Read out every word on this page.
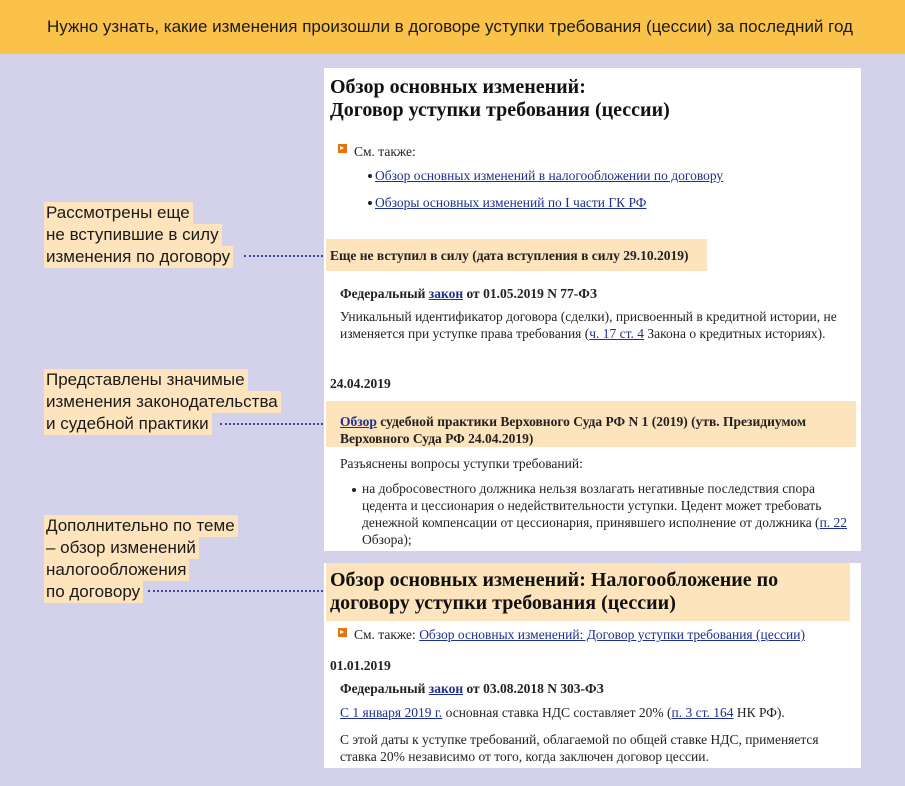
Нужно узнать, какие изменения произошли в договоре уступки требования (цессии) за последний год
Рассмотрены еще
не вступившие в силу
изменения по договору
Представлены значимые
изменения законодательства
и судебной практики
Дополнительно по теме
– обзор изменений
налогообложения
по договору
Обзор основных изменений:
Договор уступки требования (цессии)
См. также:
Обзор основных изменений в налогообложении по договору
Обзоры основных изменений по I части ГК РФ
Еще не вступил в силу (дата вступления в силу 29.10.2019)
Федеральный закон от 01.05.2019 N 77-ФЗ
Уникальный идентификатор договора (сделки), присвоенный в кредитной истории, не
изменяется при уступке права требования (ч. 17 ст. 4 Закона о кредитных историях).
24.04.2019
Обзор судебной практики Верховного Суда РФ N 1 (2019) (утв. Президиумом
Верховного Суда РФ 24.04.2019)
Разъяснены вопросы уступки требований:
на добросовестного должника нельзя возлагать негативные последствия спора
цедента и цессионария о недействительности уступки. Цедент может требовать
денежной компенсации от цессионария, принявшего исполнение от должника (п. 22
Обзора);
Обзор основных изменений: Налогообложение по
договору уступки требования (цессии)
См. также: Обзор основных изменений: Договор уступки требования (цессии)
01.01.2019
Федеральный закон от 03.08.2018 N 303-ФЗ
С 1 января 2019 г. основная ставка НДС составляет 20% (п. 3 ст. 164 НК РФ).
С этой даты к уступке требований, облагаемой по общей ставке НДС, применяется
ставка 20% независимо от того, когда заключен договор цессии.
